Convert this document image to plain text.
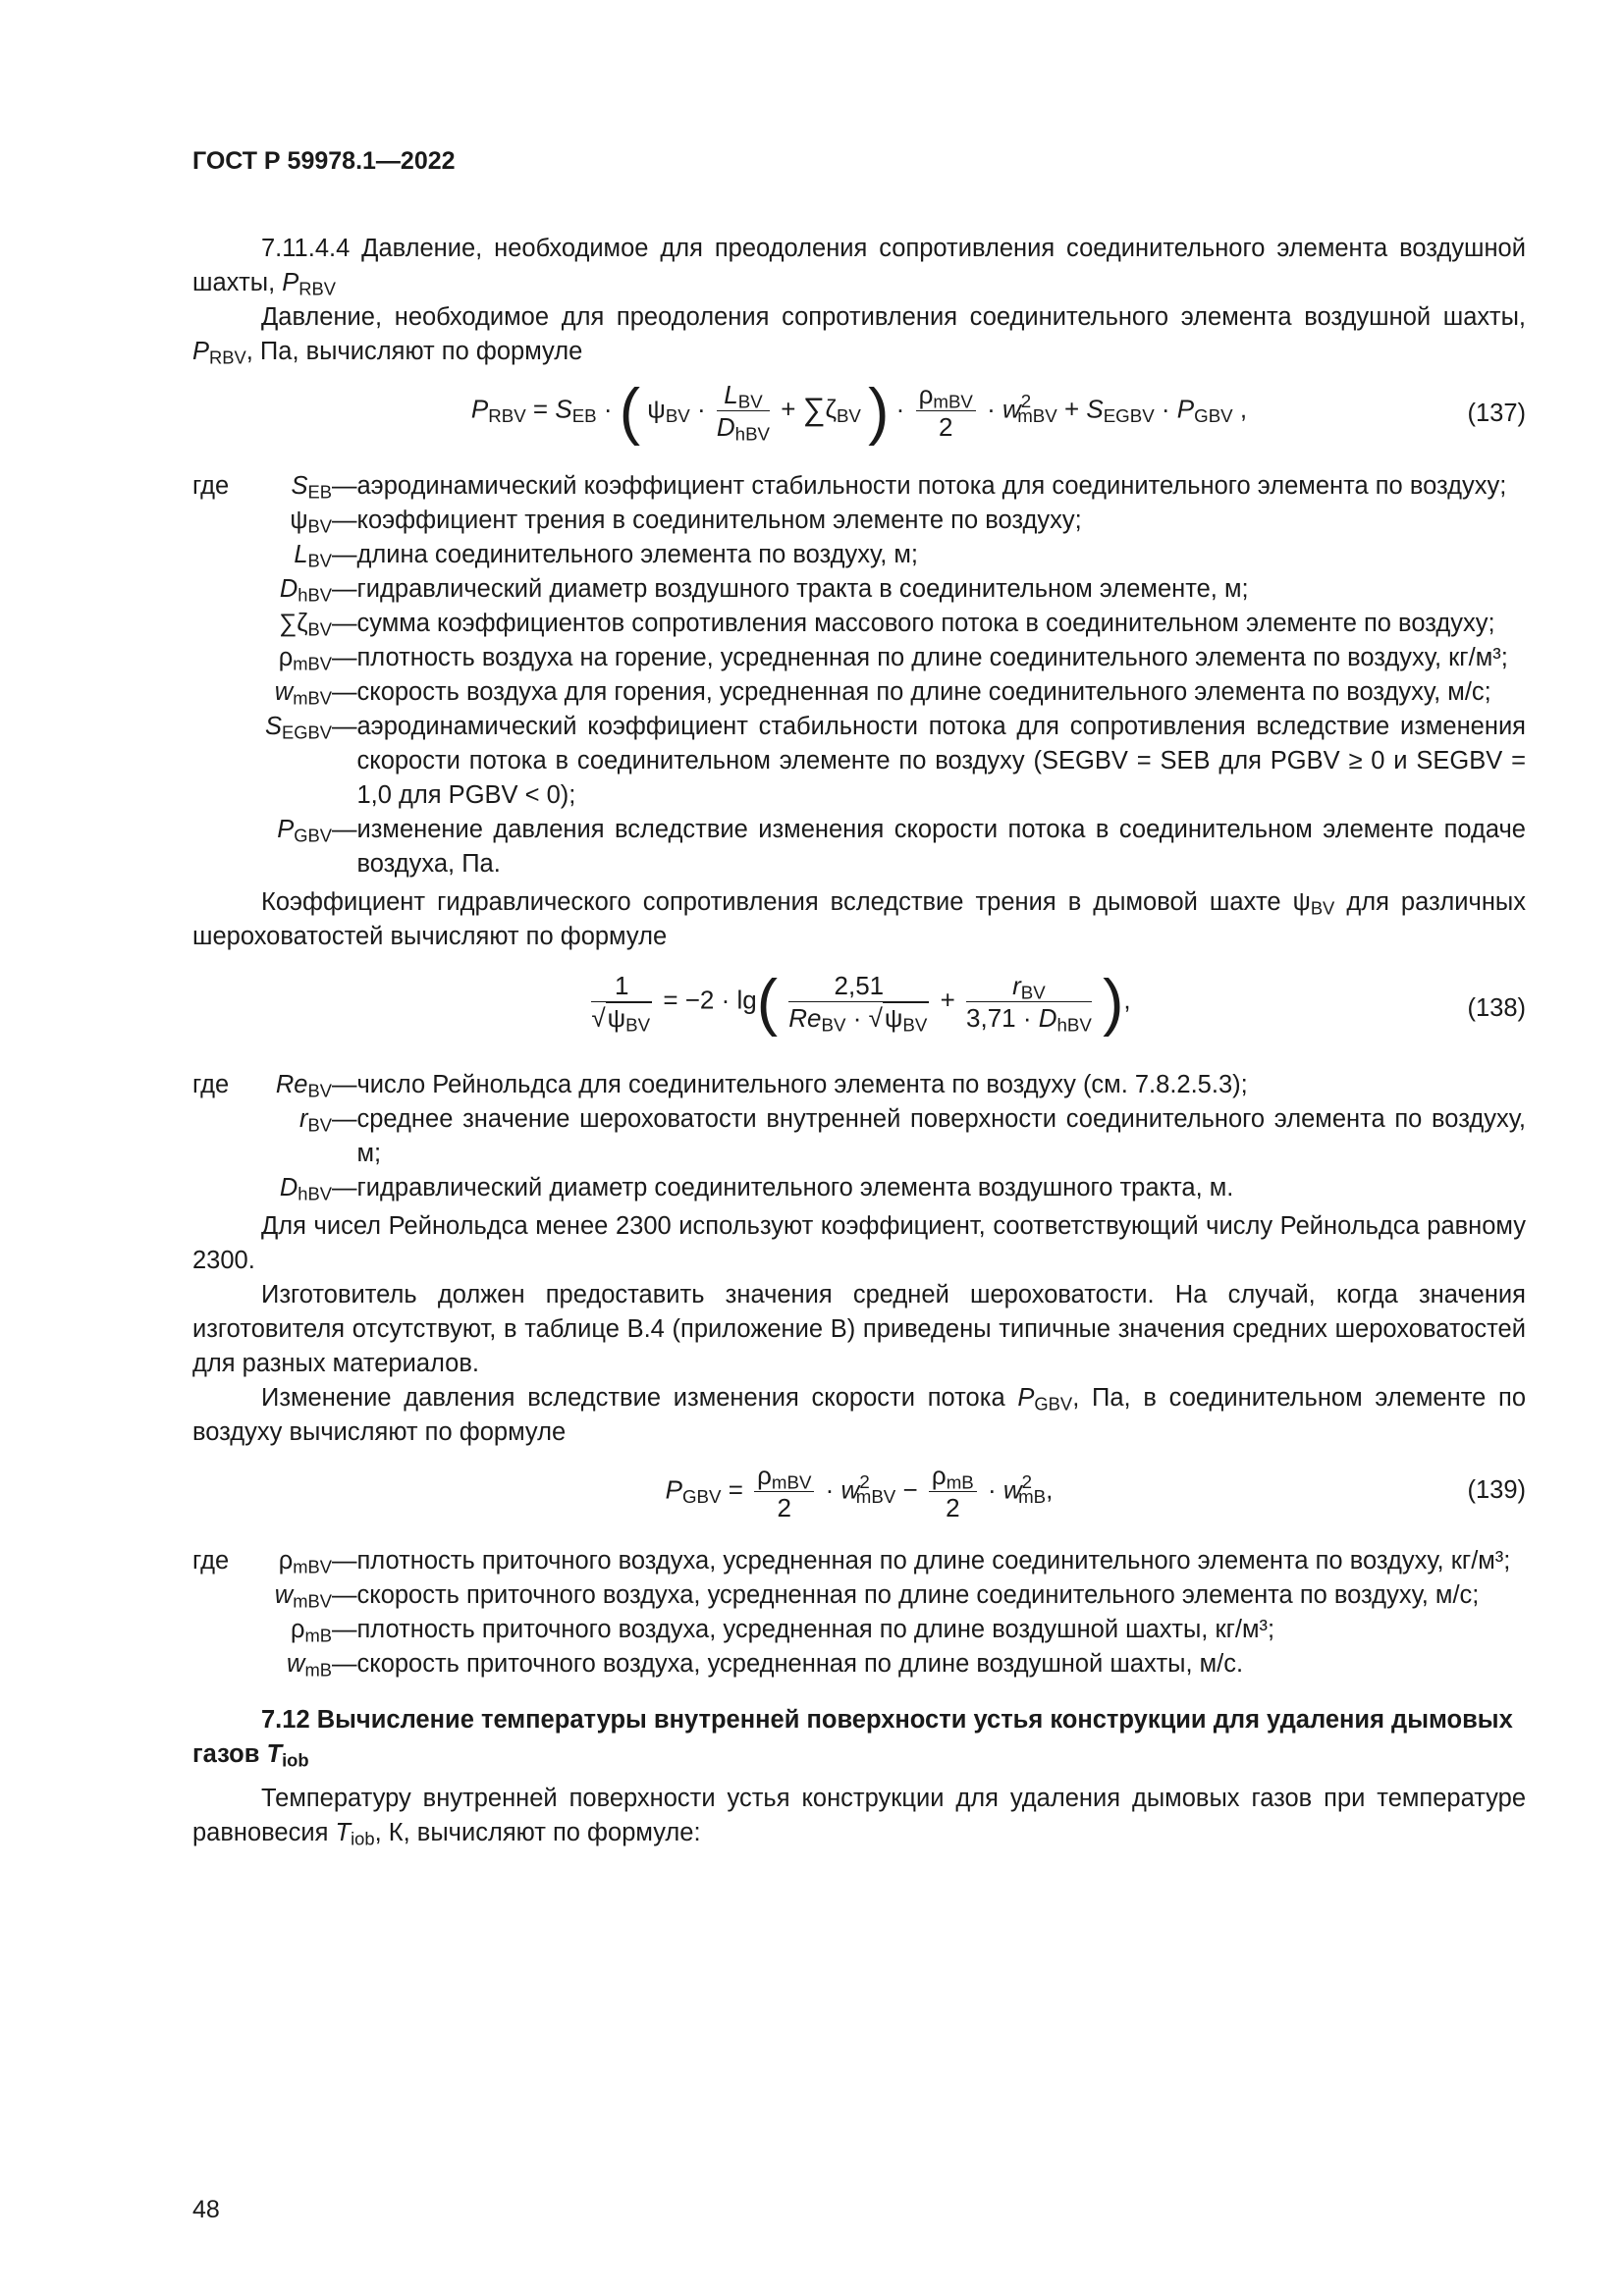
ГОСТ Р 59978.1—2022

7.11.4.4 Давление, необходимое для преодоления сопротивления соединительного элемента воздушной шахты, $P_{RBV}$

Давление, необходимое для преодоления сопротивления соединительного элемента воздушной шахты, $P_{RBV}$, Па, вычисляют по формуле

$P_{RBV} = S_{EB}$ · ( $\psi_{BV} \cdot \frac{L_{BV}}{D_{hBV}} + \sum\zeta_{BV}$ ) · $\frac{\rho_{mBV}}{2} \cdot w^2_{mBV} + S_{EGBV} \cdot P_{GBV}$ ,	(137)
где	$S_{EB}$	—	аэродинамический коэффициент стабильности потока для соединительного элемента по воздуху;
	$\psi_{BV}$	—	коэффициент трения в соединительном элементе по воздуху;
	$L_{BV}$	—	длина соединительного элемента по воздуху, м;
	$D_{hBV}$	—	гидравлический диаметр воздушного тракта в соединительном элементе, м;
	$\sum\zeta_{BV}$	—	сумма коэффициентов сопротивления массового потока в соединительном элементе по воздуху;
	$\rho_{mBV}$	—	плотность воздуха на горение, усредненная по длине соединительного элемента по воздуху, кг/м³;
	$w_{mBV}$	—	скорость воздуха для горения, усредненная по длине соединительного элемента по воздуху, м/с;
	$S_{EGBV}$	—	аэродинамический коэффициент стабильности потока для сопротивления вследствие изменения скорости потока в соединительном элементе по воздуху (SEGBV = SEB для PGBV ≥ 0 и SEGBV = 1,0 для PGBV < 0);
	$P_{GBV}$	—	изменение давления вследствие изменения скорости потока в соединительном элементе подаче воздуха, Па.

Коэффициент гидравлического сопротивления вследствие трения в дымовой шахте $\psi_{BV}$ для различных шероховатостей вычисляют по формуле

$\frac{1}{√\psi_{BV}} = -2 \cdot \lg( \frac{2,51}{Re_{BV} \cdot √\psi_{BV}} + \frac{r_{BV}}{3,71 \cdot D_{hBV}}$ ),	(138)
где	$Re_{BV}$	—	число Рейнольдса для соединительного элемента по воздуху (см. 7.8.2.5.3);
	$r_{BV}$	—	среднее значение шероховатости внутренней поверхности соединительного элемента по воздуху, м;
	$D_{hBV}$	—	гидравлический диаметр соединительного элемента воздушного тракта, м.

Для чисел Рейнольдса менее 2300 используют коэффициент, соответствующий числу Рейнольдса равному 2300.

Изготовитель должен предоставить значения средней шероховатости. На случай, когда значения изготовителя отсутствуют, в таблице В.4 (приложение В) приведены типичные значения средних шероховатостей для разных материалов.

Изменение давления вследствие изменения скорости потока $P_{GBV}$, Па, в соединительном элементе по воздуху вычисляют по формуле

$P_{GBV} = \frac{\rho_{mBV}}{2} \cdot w^2_{mBV} - \frac{\rho_{mB}}{2} \cdot w^2_{mB}$,	(139)
где	$\rho_{mBV}$	—	плотность приточного воздуха, усредненная по длине соединительного элемента по воздуху, кг/м³;
	$w_{mBV}$	—	скорость приточного воздуха, усредненная по длине соединительного элемента по воздуху, м/с;
	$\rho_{mB}$	—	плотность приточного воздуха, усредненная по длине воздушной шахты, кг/м³;
	$w_{mB}$	—	скорость приточного воздуха, усредненная по длине воздушной шахты, м/с.

7.12 Вычисление температуры внутренней поверхности устья конструкции для удаления дымовых газов $T_{iob}$

Температуру внутренней поверхности устья конструкции для удаления дымовых газов при температуре равновесия $T_{iob}$, К, вычисляют по формуле:

48
